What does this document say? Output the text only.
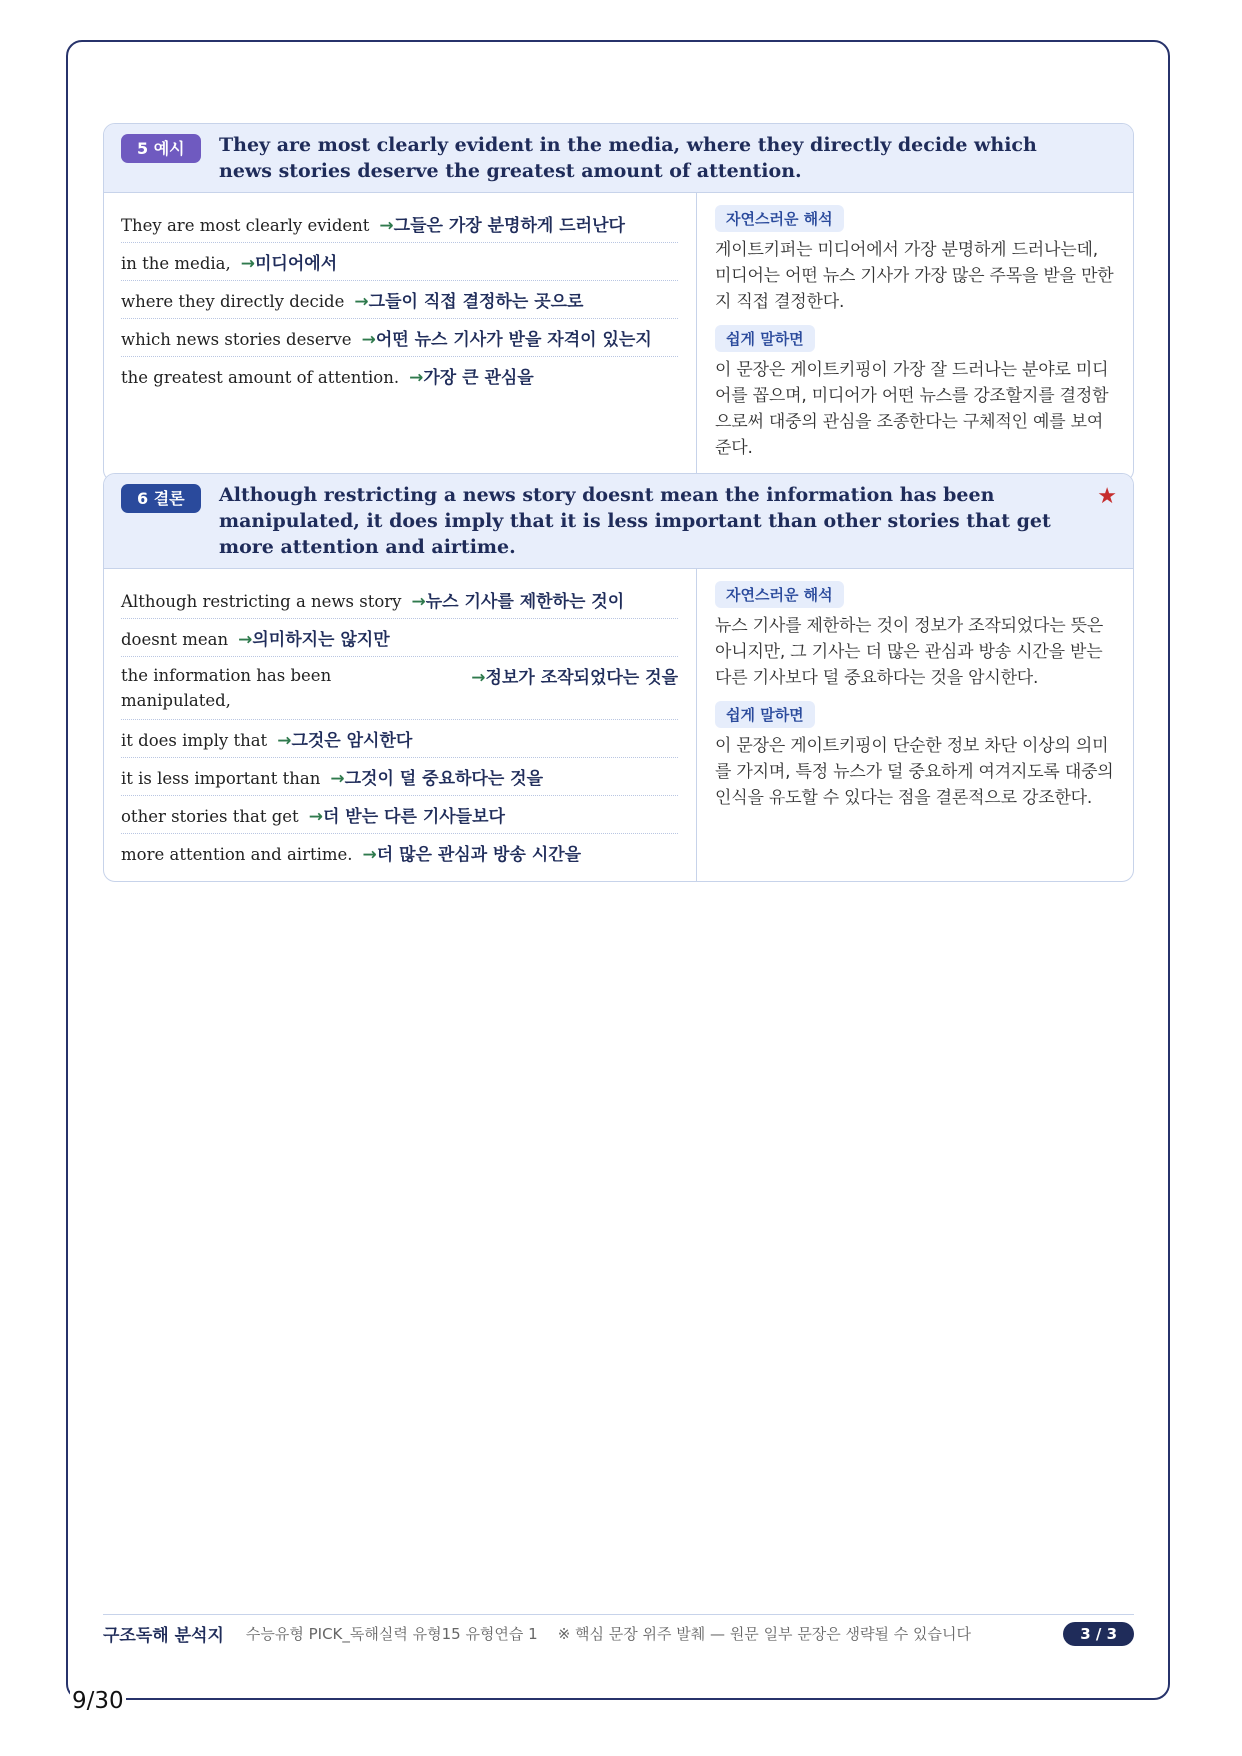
5 예시	They are most clearly evident in the media, where they directly decide which news stories deserve the greatest amount of attention.
They are most clearly evident →그들은 가장 분명하게 드러난다
in the media, →미디어에서
where they directly decide →그들이 직접 결정하는 곳으로
which news stories deserve →어떤 뉴스 기사가 받을 자격이 있는지
the greatest amount of attention. →가장 큰 관심을
자연스러운 해석

게이트키퍼는 미디어에서 가장 분명하게 드러나는데, 미디어는 어떤 뉴스 기사가 가장 많은 주목을 받을 만한지 직접 결정한다.

쉽게 말하면

이 문장은 게이트키핑이 가장 잘 드러나는 분야로 미디어를 꼽으며, 미디어가 어떤 뉴스를 강조할지를 결정함으로써 대중의 관심을 조종한다는 구체적인 예를 보여준다.

6 결론	Although restricting a news story doesnt mean the information has been manipulated, it does imply that it is less important than other stories that get more attention and airtime.
★
Although restricting a news story →뉴스 기사를 제한하는 것이
doesnt mean →의미하지는 않지만
the information has been manipulated,
→정보가 조작되었다는 것을
it does imply that →그것은 암시한다
it is less important than →그것이 덜 중요하다는 것을
other stories that get →더 받는 다른 기사들보다
more attention and airtime. →더 많은 관심과 방송 시간을
자연스러운 해석

뉴스 기사를 제한하는 것이 정보가 조작되었다는 뜻은 아니지만, 그 기사는 더 많은 관심과 방송 시간을 받는 다른 기사보다 덜 중요하다는 것을 암시한다.

쉽게 말하면

이 문장은 게이트키핑이 단순한 정보 차단 이상의 의미를 가지며, 특정 뉴스가 덜 중요하게 여겨지도록 대중의 인식을 유도할 수 있다는 점을 결론적으로 강조한다.

구조독해 분석지 수능유형 PICK_독해실력 유형15 유형연습 1 ※ 핵심 문장 위주 발췌 — 원문 일부 문장은 생략될 수 있습니다	3 / 3
9/30
